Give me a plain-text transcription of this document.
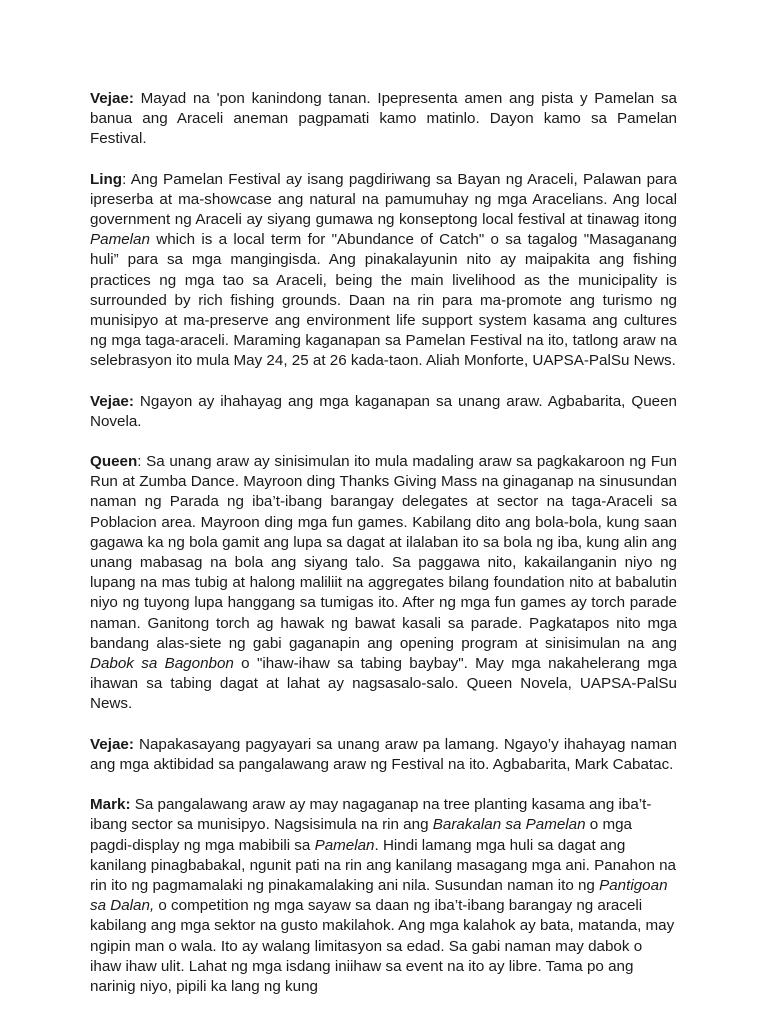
Vejae: Mayad na 'pon kanindong tanan. Ipepresenta amen ang pista y Pamelan sa banua ang Araceli aneman pagpamati kamo matinlo. Dayon kamo sa Pamelan Festival.

Ling: Ang Pamelan Festival ay isang pagdiriwang sa Bayan ng Araceli, Palawan para ipreserba at ma-showcase ang natural na pamumuhay ng mga Aracelians. Ang local government ng Araceli ay siyang gumawa ng konseptong local festival at tinawag itong Pamelan which is a local term for "Abundance of Catch" o sa tagalog "Masaganang huli” para sa mga mangingisda. Ang pinakalayunin nito ay maipakita ang fishing practices ng mga tao sa Araceli, being the main livelihood as the municipality is surrounded by rich fishing grounds. Daan na rin para ma-promote ang turismo ng munisipyo at ma-preserve ang environment life support system kasama ang cultures ng mga taga-araceli. Maraming kaganapan sa Pamelan Festival na ito, tatlong araw na selebrasyon ito mula May 24, 25 at 26 kada-taon. Aliah Monforte, UAPSA-PalSu News.

Vejae: Ngayon ay ihahayag ang mga kaganapan sa unang araw. Agbabarita, Queen Novela.

Queen: Sa unang araw ay sinisimulan ito mula madaling araw sa pagkakaroon ng Fun Run at Zumba Dance. Mayroon ding Thanks Giving Mass na ginaganap na sinusundan naman ng Parada ng iba’t-ibang barangay delegates at sector na taga-Araceli sa Poblacion area. Mayroon ding mga fun games. Kabilang dito ang bola-bola, kung saan gagawa ka ng bola gamit ang lupa sa dagat at ilalaban ito sa bola ng iba, kung alin ang unang mabasag na bola ang siyang talo. Sa paggawa nito, kakailanganin niyo ng lupang na mas tubig at halong maliliit na aggregates bilang foundation nito at babalutin niyo ng tuyong lupa hanggang sa tumigas ito. After ng mga fun games ay torch parade naman. Ganitong torch ag hawak ng bawat kasali sa parade. Pagkatapos nito mga bandang alas-siete ng gabi gaganapin ang opening program at sinisimulan na ang Dabok sa Bagonbon o "ihaw-ihaw sa tabing baybay". May mga nakahelerang mga ihawan sa tabing dagat at lahat ay nagsasalo-salo. Queen Novela, UAPSA-PalSu News.

Vejae: Napakasayang pagyayari sa unang araw pa lamang. Ngayo’y ihahayag naman ang mga aktibidad sa pangalawang araw ng Festival na ito. Agbabarita, Mark Cabatac.

Mark: Sa pangalawang araw ay may nagaganap na tree planting kasama ang iba’t-ibang sector sa munisipyo. Nagsisimula na rin ang Barakalan sa Pamelan o mga pagdi-display ng mga mabibili sa Pamelan. Hindi lamang mga huli sa dagat ang kanilang pinagbabakal, ngunit pati na rin ang kanilang masagang mga ani. Panahon na rin ito ng pagmamalaki ng pinakamalaking ani nila. Susundan naman ito ng Pantigoan sa Dalan, o competition ng mga sayaw sa daan ng iba’t-ibang barangay ng araceli kabilang ang mga sektor na gusto makilahok. Ang mga kalahok ay bata, matanda, may ngipin man o wala. Ito ay walang limitasyon sa edad. Sa gabi naman may dabok o ihaw ihaw ulit. Lahat ng mga isdang iniihaw sa event na ito ay libre. Tama po ang narinig niyo, pipili ka lang ng kung
